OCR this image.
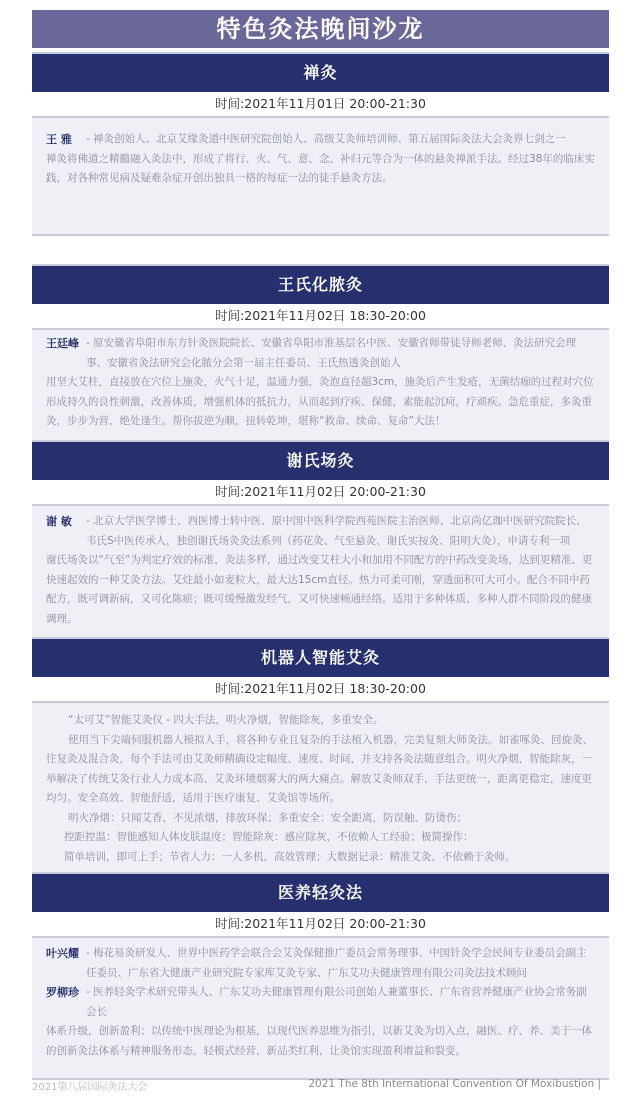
特色灸法晚间沙龙
禅灸
时间:2021年11月01日 20:00-21:30
王 雅 - 禅灸创始人、北京艾缘灸道中医研究院创始人、高级艾灸师培训师、第五届国际灸法大会灸界七剑之一
禅灸将佛道之精髓融入灸法中，形成了将行、火、气、意、念、补归元等合为一体的悬灸禅派手法。经过38年的临床实践，对各种常见病及疑难杂症开创出独具一格的每症一法的徒手悬灸方法。
王氏化脓灸
时间:2021年11月02日 18:30-20:00
王廷峰 - 原安徽省阜阳市东方针灸医院院长、安徽省阜阳市淮基层名中医、安徽省师带徒导师老师、灸法研究会理事、安徽省灸法研究会化脓分会第一届主任委员、王氏热透灸创始人
用坚大艾柱，直接放在穴位上施灸，火气十足，温通力强，灸泡直径超3cm，施灸后产生发疮，无菌结痂的过程对穴位形成持久的良性刺激，改善体质，增强机体的抵抗力，从而起到疗疾、保健，素能起沉疴，疗顽疾。急危重症，多灸重灸，步步为营，绝处逢生。帮你拔逆为顺，扭转乾坤，堪称“救命、续命、复命”大法！
谢氏场灸
时间:2021年11月02日 20:00-21:30
谢 敏 - 北京大学医学博士、西医博士转中医、原中国中医科学院西苑医院主治医师、北京尚亿珈中医研究院院长、韦氏S中医传承人，独创谢氏场灸灸法系列（药花灸、气至悬灸、谢氏实按灸、阳明大灸），申请专利一项
谢氏场灸以“气至”为判定疗效的标准，灸法多样，通过改变艾柱大小和加用不同配方的中药改变灸场，达到更精准、更快速起效的一种艾灸方法。艾炷最小如麦粒大，最大达15cm直径。热力可柔可刚，穿透面积可大可小。配合不同中药配方，既可调新病，又可化陈瘀；既可缓慢激发经气，又可快速畅通经络。适用于多种体质、多种人群不同阶段的健康调理。
机器人智能艾灸
时间:2021年11月02日 18:30-20:00
“太可艾”智能艾灸仪 - 四大手法，明火净烟，智能除灰，多重安全。
使用当下尖端伺服机器人模拟人手，将各种专业且复杂的手法植入机器，完美复刻大师灸法。如雀啄灸、回旋灸、往复灸及混合灸，每个手法可由艾灸师精确设定幅度、速度、时间，并支持各灸法随意组合。明火净烟，智能除灰，一举解决了传统艾灸行业人力成本高、艾灸环境烟雾大的两大痛点。解放艾灸师双手，手法更统一，距离更稳定，速度更均匀。安全高效、智能舒适，适用于医疗康复、艾灸馆等场所。
明火净烟：只闻艾香，不见浓烟，排放环保；多重安全：安全距离，防误触、防烫伤；
控距控温：智能感知人体皮肤温度；智能除灰：感应除灰，不依赖人工经验；极简操作：
简单培训，即可上手；节省人力：一人多机，高效管理；大数据记录：精准艾灸，不依赖于灸师。
医养轻灸法
时间:2021年11月02日 20:00-21:30
叶兴耀 - 梅花易灸研发人、世界中医药学会联合会艾灸保健推广委员会常务理事、中国针灸学会民间专业委员会副主任委员、广东省大健康产业研究院专家库艾灸专家、广东艾功夫健康管理有限公司灸法技术顾问
罗柳珍 - 医养轻灸学术研究带头人、广东艾功夫健康管理有限公司创始人兼董事长、广东省营养健康产业协会常务副会长
体系升级，创新盈利；以传统中医理论为根基，以现代医养思维为指引，以新艾灸为切入点，融医、疗、养、美于一体的创新灸法体系与精神服务形态，轻模式经营，新品类红利，让灸馆实现盈利增益和裂变。
2021第八届国际灸法大会	2021 The 8th International Convention Of Moxibustion |
